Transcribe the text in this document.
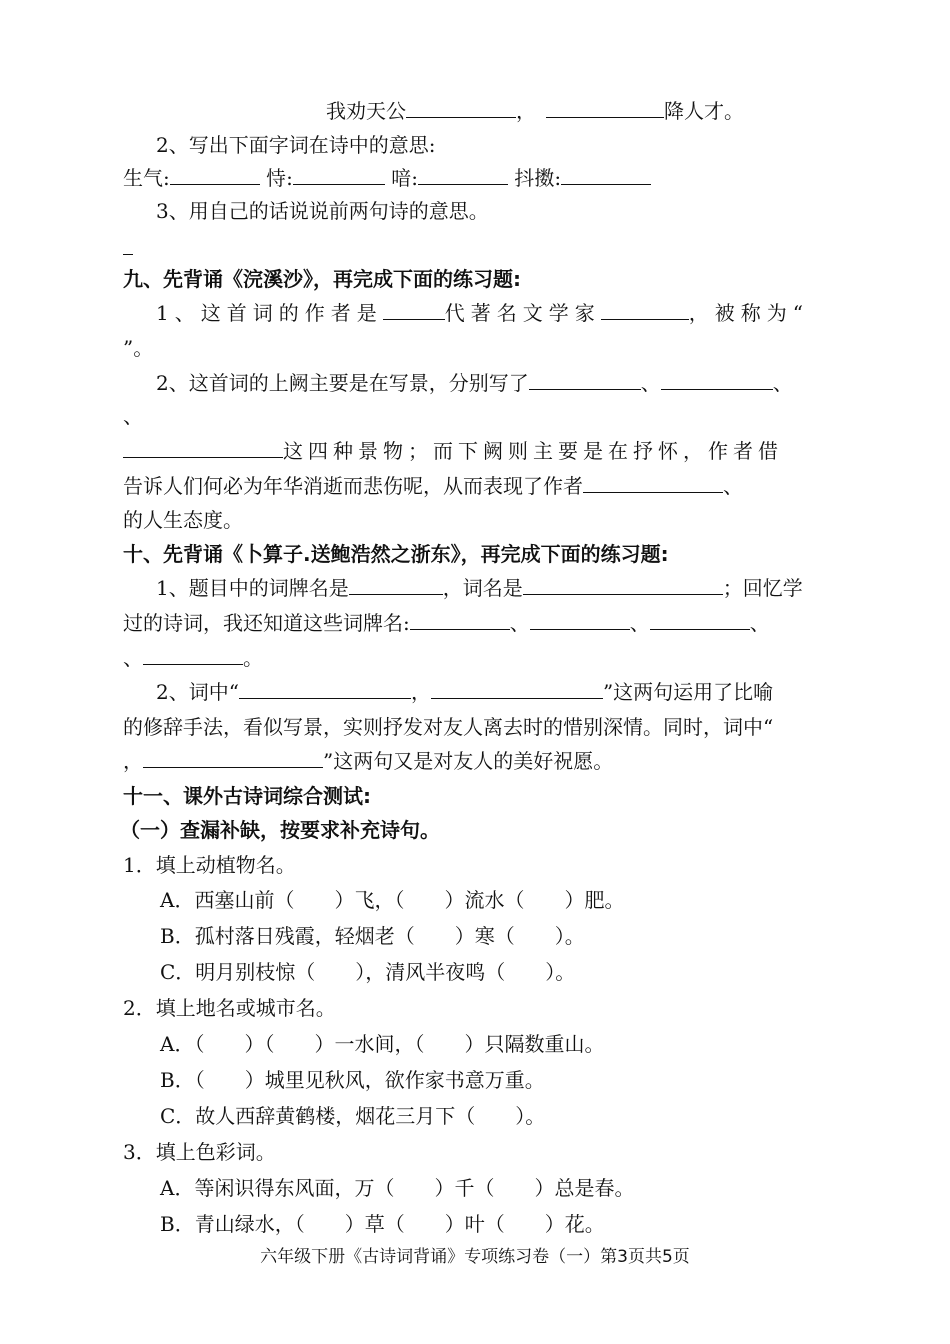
我劝天公	，	降人才。
2、写出下面字词在诗中的意思:
生气:	恃:	喑:	抖擞:
3、用自己的话说说前两句诗的意思。
九、先背诵《浣溪沙》，再完成下面的练习题:
1、这首词的作者是	代著名文学家	，被称为“
”。
2、这首词的上阙主要是在写景，分别写了	、	、
、
这四种景物；而下阙则主要是在抒怀，作者借
告诉人们何必为年华消逝而悲伤呢，从而表现了作者	、
的人生态度。
十、先背诵《卜算子.送鲍浩然之浙东》，再完成下面的练习题:
1、题目中的词牌名是	，词名是	；回忆学
过的诗词，我还知道这些词牌名:	、	、	、
、	。
2、词中“	，	”这两句运用了比喻
的修辞手法，看似写景，实则抒发对友人离去时的惜别深情。同时，词中“
，	”这两句又是对友人的美好祝愿。
十一、课外古诗词综合测试:
（一）查漏补缺，按要求补充诗句。
1．填上动植物名。
A．西塞山前（　　）飞，（　　）流水（　　）肥。
B．孤村落日残霞，轻烟老（　　）寒（　　）。
C．明月别枝惊（　　），清风半夜鸣（　　）。
2．填上地名或城市名。
A．（　　）（　　）一水间，（　　）只隔数重山。
B．（　　）城里见秋风，欲作家书意万重。
C．故人西辞黄鹤楼，烟花三月下（　　）。
3．填上色彩词。
A．等闲识得东风面，万（　　）千（　　）总是春。
B．青山绿水，（　　）草（　　）叶（　　）花。
六年级下册《古诗词背诵》专项练习卷（一）第3页共5页
